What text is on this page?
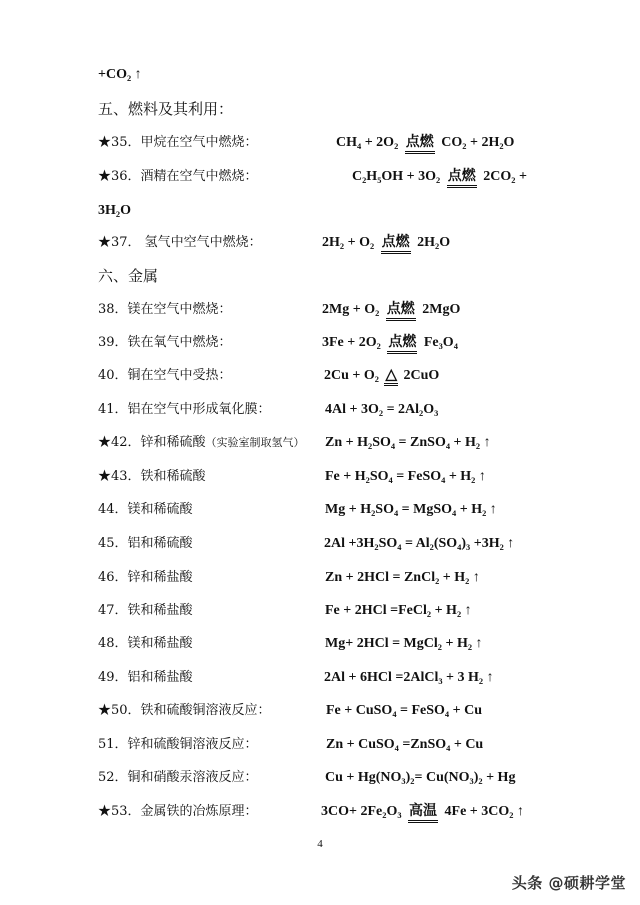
+CO₂ ↑
五、燃料及其利用：
★35．甲烷在空气中燃烧：	CH₄ + 2O₂ 点燃 CO₂ + 2H₂O
★36．酒精在空气中燃烧：	C₂H₅OH + 3O₂ 点燃 2CO₂ +
3H₂O
★37． 氢气中空气中燃烧：	2H₂ + O₂ 点燃 2H₂O
六、金属
38．镁在空气中燃烧：	2Mg + O₂ 点燃 2MgO
39．铁在氧气中燃烧：	3Fe + 2O₂ 点燃 Fe₃O₄
40．铜在空气中受热：	2Cu + O₂ △ 2CuO
41．铝在空气中形成氧化膜：	4Al + 3O₂ = 2Al₂O₃
★42．锌和稀硫酸（实验室制取氢气） Zn + H₂SO₄ = ZnSO₄ + H₂ ↑
★43．铁和稀硫酸	Fe + H₂SO₄ = FeSO₄ + H₂ ↑
44．镁和稀硫酸	Mg + H₂SO₄ = MgSO₄ + H₂ ↑
45．铝和稀硫酸	2Al +3H₂SO₄ = Al₂(SO₄)₃ +3H₂ ↑
46．锌和稀盐酸	Zn + 2HCl = ZnCl₂ + H₂ ↑
47．铁和稀盐酸	Fe + 2HCl =FeCl₂ + H₂ ↑
48．镁和稀盐酸	Mg+ 2HCl = MgCl₂ + H₂ ↑
49．铝和稀盐酸	2Al + 6HCl =2AlCl₃ + 3 H₂ ↑
★50．铁和硫酸铜溶液反应：	Fe + CuSO₄ = FeSO₄ + Cu
51．锌和硫酸铜溶液反应：	Zn + CuSO₄ =ZnSO₄ + Cu
52．铜和硝酸汞溶液反应：	Cu + Hg(NO₃)₂= Cu(NO₃)₂ + Hg
★53．金属铁的冶炼原理：	3CO+ 2Fe₂O₃ 高温 4Fe + 3CO₂ ↑
4
头条 @硕耕学堂
